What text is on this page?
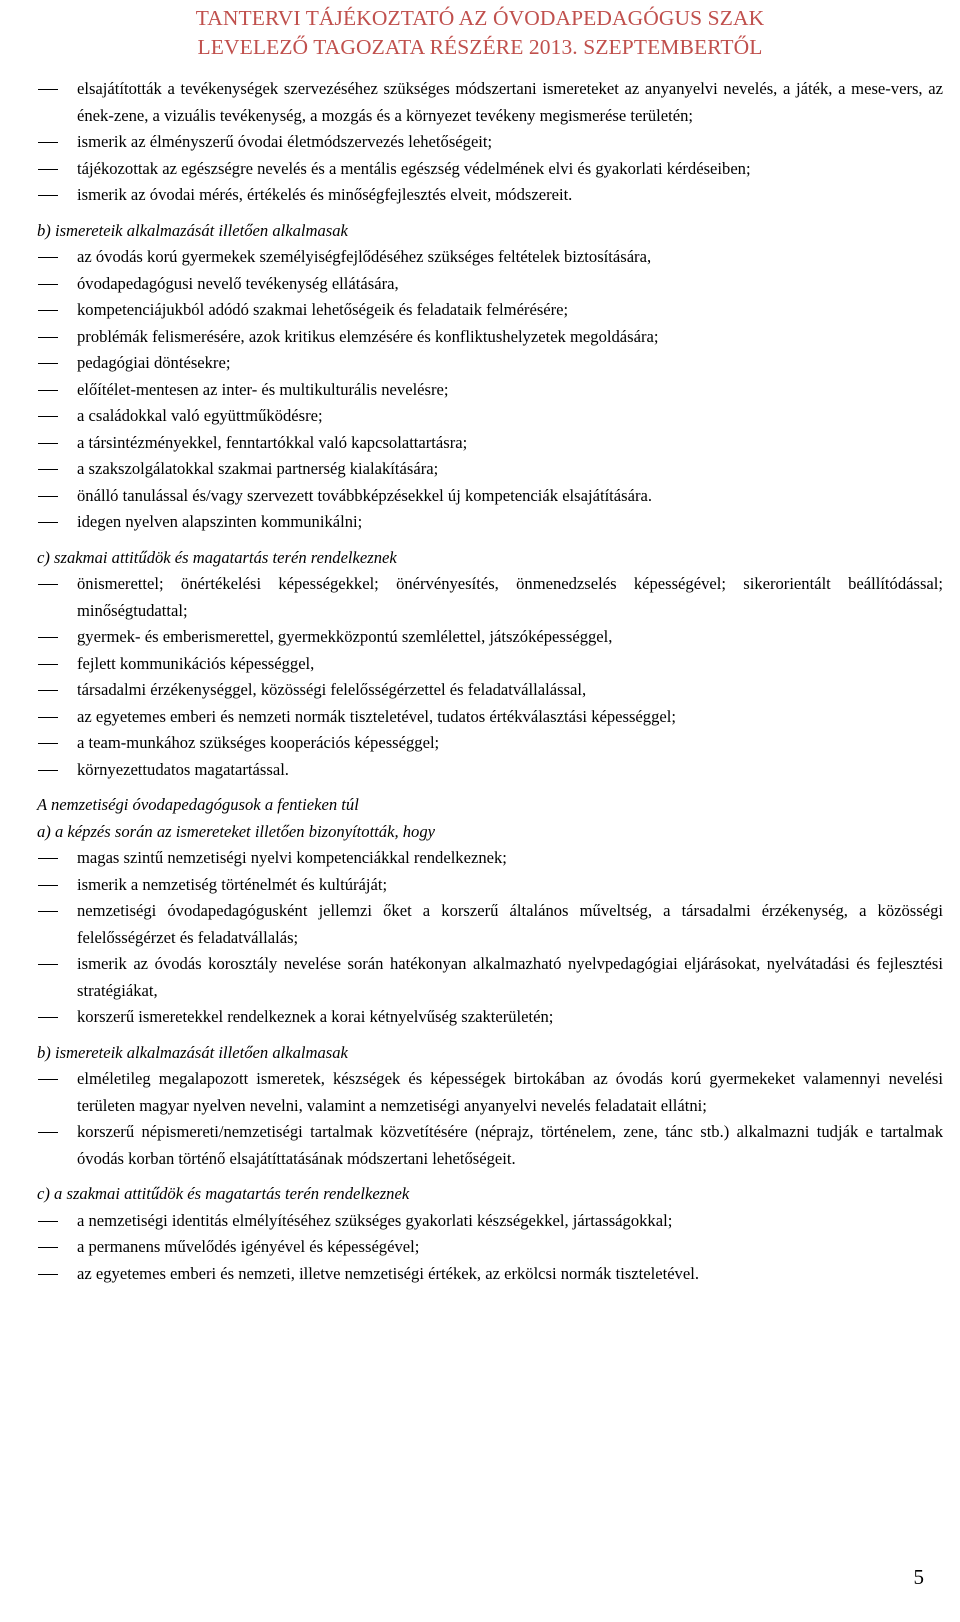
TANTERVI TÁJÉKOZTATÓ AZ ÓVODAPEDAGÓGUS SZAK
LEVELEZŐ TAGOZATA RÉSZÉRE 2013. SZEPTEMBERTŐL
elsajátították a tevékenységek szervezéséhez szükséges módszertani ismereteket az anyanyelvi nevelés, a játék, a mese-vers, az ének-zene, a vizuális tevékenység, a mozgás és a környezet tevékeny megismerése területén;
ismerik az élményszerű óvodai életmódszervezés lehetőségeit;
tájékozottak az egészségre nevelés és a mentális egészség védelmének elvi és gyakorlati kérdéseiben;
ismerik az óvodai mérés, értékelés és minőségfejlesztés elveit, módszereit.

b) ismereteik alkalmazását illetően alkalmasak

az óvodás korú gyermekek személyiségfejlődéséhez szükséges feltételek biztosítására,
óvodapedagógusi nevelő tevékenység ellátására,
kompetenciájukból adódó szakmai lehetőségeik és feladataik felmérésére;
problémák felismerésére, azok kritikus elemzésére és konfliktushelyzetek megoldására;
pedagógiai döntésekre;
előítélet-mentesen az inter- és multikulturális nevelésre;
a családokkal való együttműködésre;
a társintézményekkel, fenntartókkal való kapcsolattartásra;
a szakszolgálatokkal szakmai partnerség kialakítására;
önálló tanulással és/vagy szervezett továbbképzésekkel új kompetenciák elsajátítására.
idegen nyelven alapszinten kommunikálni;

c) szakmai attitűdök és magatartás terén rendelkeznek

önismerettel; önértékelési képességekkel; önérvényesítés, önmenedzselés képességével; sikerorientált beállítódással; minőségtudattal;
gyermek- és emberismerettel, gyermekközpontú szemlélettel, játszóképességgel,
fejlett kommunikációs képességgel,
társadalmi érzékenységgel, közösségi felelősségérzettel és feladatvállalással,
az egyetemes emberi és nemzeti normák tiszteletével, tudatos értékválasztási képességgel;
a team-munkához szükséges kooperációs képességgel;
környezettudatos magatartással.

A nemzetiségi óvodapedagógusok a fentieken túl

a) a képzés során az ismereteket illetően bizonyították, hogy

magas szintű nemzetiségi nyelvi kompetenciákkal rendelkeznek;
ismerik a nemzetiség történelmét és kultúráját;
nemzetiségi óvodapedagógusként jellemzi őket a korszerű általános műveltség, a társadalmi érzékenység, a közösségi felelősségérzet és feladatvállalás;
ismerik az óvodás korosztály nevelése során hatékonyan alkalmazható nyelvpedagógiai eljárásokat, nyelvátadási és fejlesztési stratégiákat,
korszerű ismeretekkel rendelkeznek a korai kétnyelvűség szakterületén;

b) ismereteik alkalmazását illetően alkalmasak

elméletileg megalapozott ismeretek, készségek és képességek birtokában az óvodás korú gyermekeket valamennyi nevelési területen magyar nyelven nevelni, valamint a nemzetiségi anyanyelvi nevelés feladatait ellátni;
korszerű népismereti/nemzetiségi tartalmak közvetítésére (néprajz, történelem, zene, tánc stb.) alkalmazni tudják e tartalmak óvodás korban történő elsajátíttatásának módszertani lehetőségeit.

c) a szakmai attitűdök és magatartás terén rendelkeznek

a nemzetiségi identitás elmélyítéséhez szükséges gyakorlati készségekkel, jártasságokkal;
a permanens művelődés igényével és képességével;
az egyetemes emberi és nemzeti, illetve nemzetiségi értékek, az erkölcsi normák tiszteletével.
5
